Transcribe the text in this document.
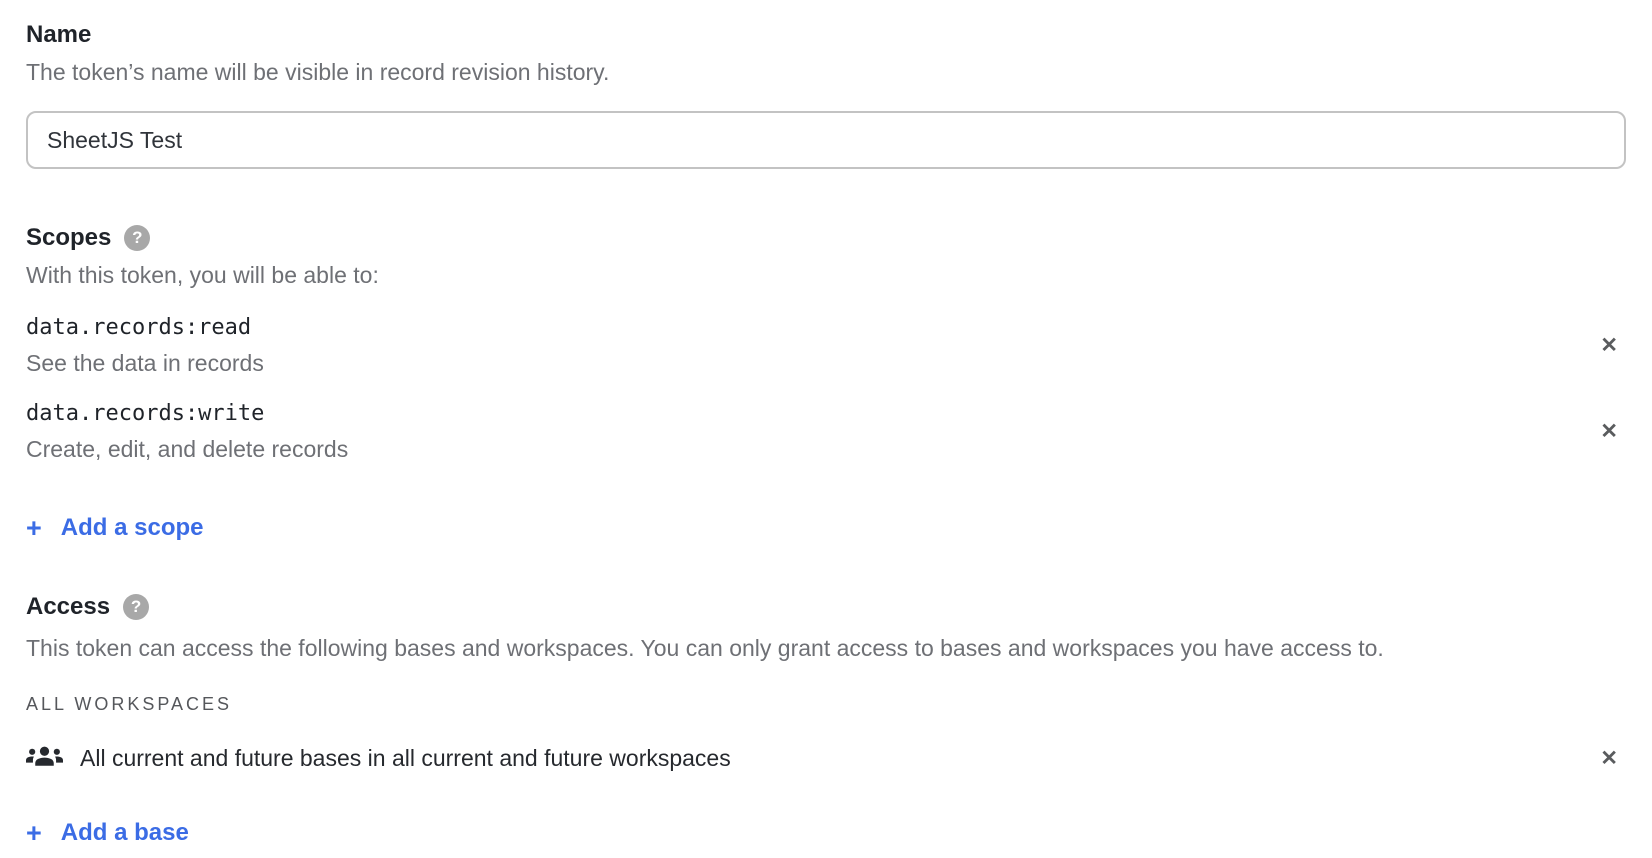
Name
The token’s name will be visible in record revision history.
SheetJS Test
Scopes	?
With this token, you will be able to:
data.records:read
See the data in records
✕
data.records:write
Create, edit, and delete records
✕
+ Add a scope
Access	?
This token can access the following bases and workspaces. You can only grant access to bases and workspaces you have access to.
ALL WORKSPACES
All current and future bases in all current and future workspaces	✕
+ Add a base
